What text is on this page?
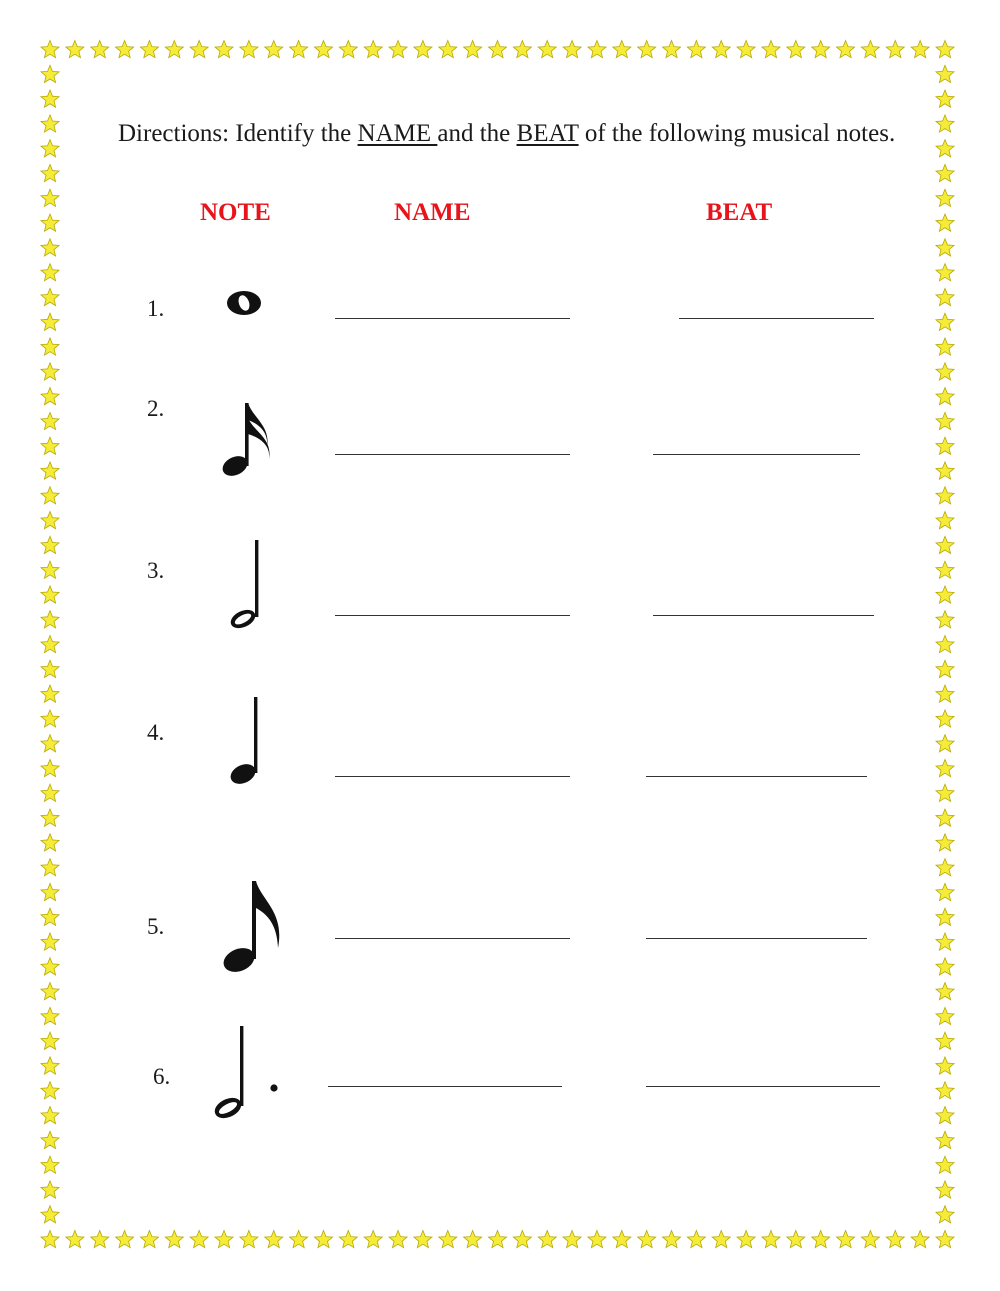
Directions: Identify the NAME and the BEAT of the following musical notes.

NOTE	NAME	BEAT

1.

2.

3.

4.

5.

6.
